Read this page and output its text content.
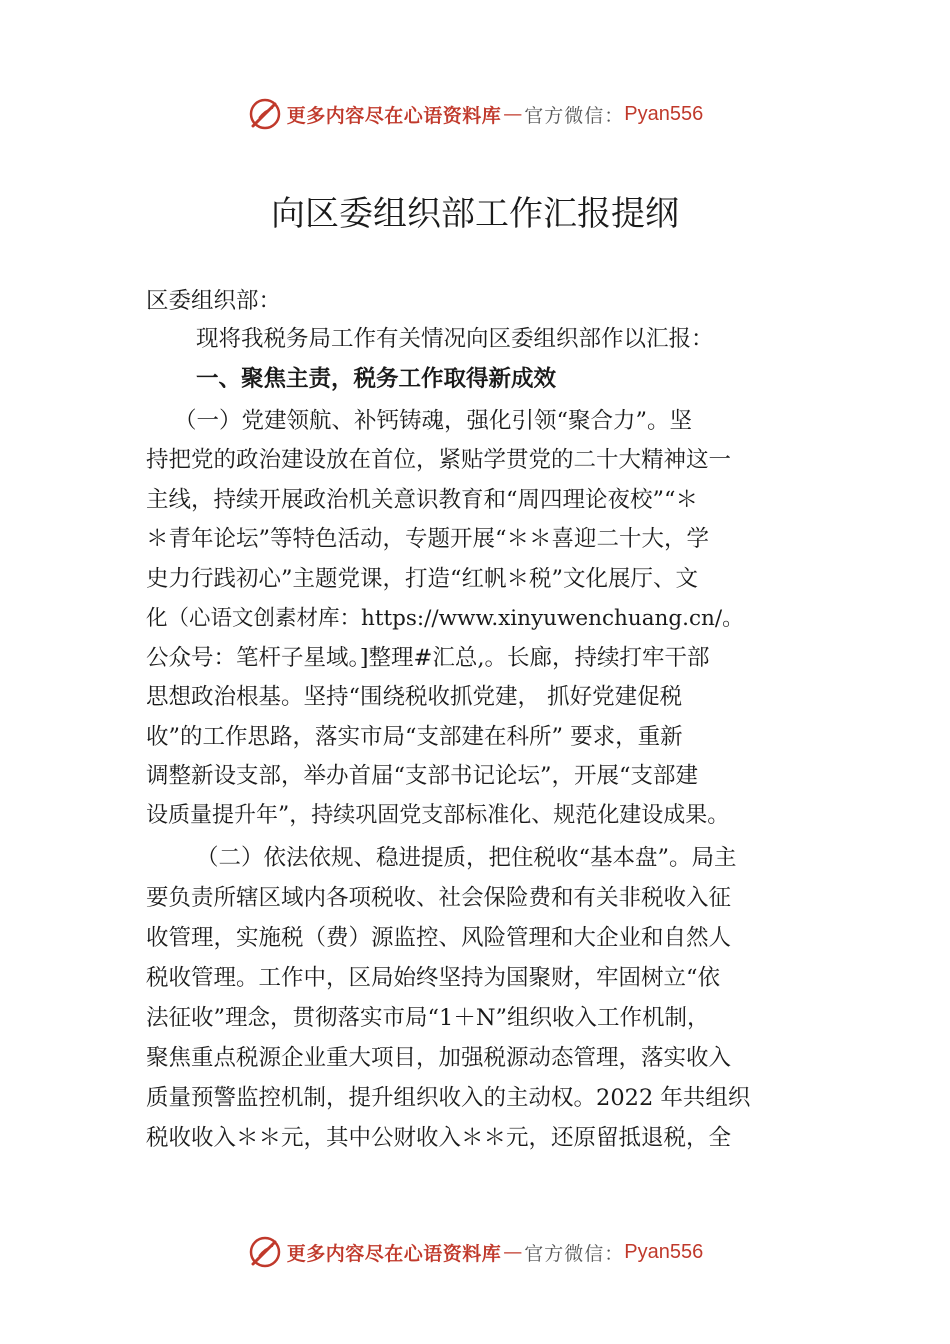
更多内容尽在心语资料库 — 官方微信： Pyan556
向区委组织部工作汇报提纲
区委组织部：
现将我税务局工作有关情况向区委组织部作以汇报：
一、聚焦主责，税务工作取得新成效
（一）党建领航、补钙铸魂，强化引领“聚合力”。坚
持把党的政治建设放在首位，紧贴学贯党的二十大精神这一
主线，持续开展政治机关意识教育和“周四理论夜校”“＊
＊青年论坛”等特色活动，专题开展“＊＊喜迎二十大，学
史力行践初心”主题党课，打造“红帆＊税”文化展厅、文
化（心语文创素材库：https://www.xinyuwenchuang.cn/。
公众号：笔杆子星域。]整理#汇总,。长廊，持续打牢干部
思想政治根基。坚持“围绕税收抓党建， 抓好党建促税
收”的工作思路，落实市局“支部建在科所” 要求，重新
调整新设支部，举办首届“支部书记论坛”，开展“支部建
设质量提升年”，持续巩固党支部标准化、规范化建设成果。
（二）依法依规、稳进提质，把住税收“基本盘”。局主
要负责所辖区域内各项税收、社会保险费和有关非税收入征
收管理，实施税（费）源监控、风险管理和大企业和自然人
税收管理。工作中，区局始终坚持为国聚财，牢固树立“依
法征收”理念，贯彻落实市局“1＋N”组织收入工作机制，
聚焦重点税源企业重大项目，加强税源动态管理，落实收入
质量预警监控机制，提升组织收入的主动权。2022 年共组织
税收收入＊＊元，其中公财收入＊＊元，还原留抵退税，全
更多内容尽在心语资料库 — 官方微信： Pyan556
